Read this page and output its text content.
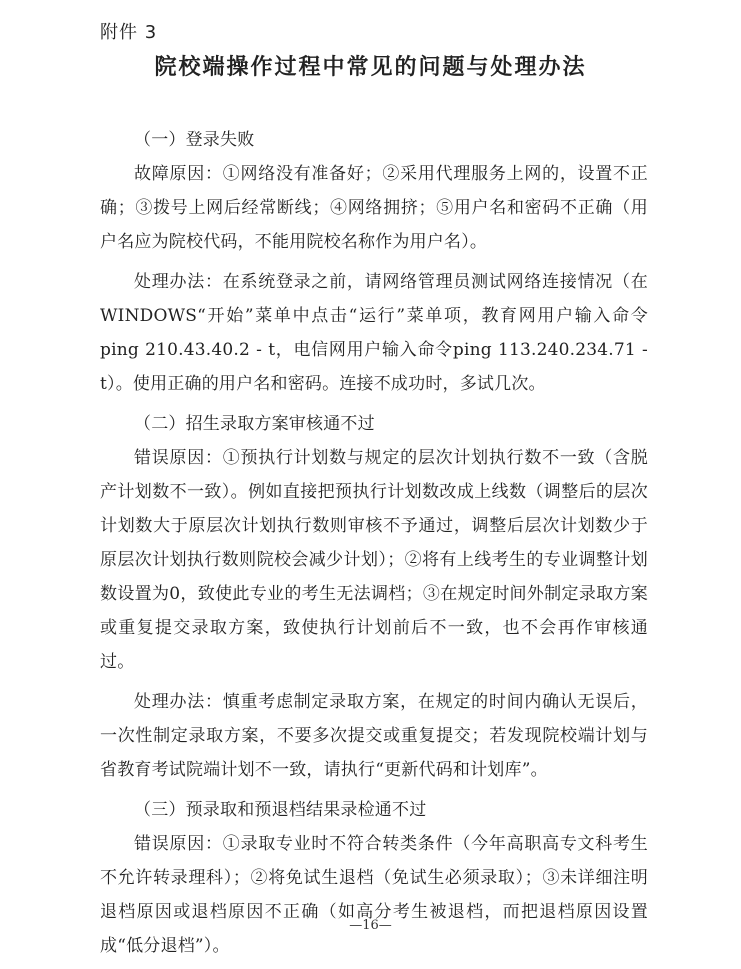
附件 3
院校端操作过程中常见的问题与处理办法

（一）登录失败

故障原因：①网络没有准备好；②采用代理服务上网的，设置不正确；③拨号上网后经常断线；④网络拥挤；⑤用户名和密码不正确（用户名应为院校代码，不能用院校名称作为用户名）。

处理办法：在系统登录之前，请网络管理员测试网络连接情况（在WINDOWS“开始”菜单中点击“运行”菜单项，教育网用户输入命令ping 210.43.40.2 - t，电信网用户输入命令ping 113.240.234.71 - t）。使用正确的用户名和密码。连接不成功时，多试几次。

（二）招生录取方案审核通不过

错误原因：①预执行计划数与规定的层次计划执行数不一致（含脱产计划数不一致）。例如直接把预执行计划数改成上线数（调整后的层次计划数大于原层次计划执行数则审核不予通过，调整后层次计划数少于原层次计划执行数则院校会减少计划）；②将有上线考生的专业调整计划数设置为0，致使此专业的考生无法调档；③在规定时间外制定录取方案或重复提交录取方案，致使执行计划前后不一致，也不会再作审核通过。

处理办法：慎重考虑制定录取方案，在规定的时间内确认无误后，一次性制定录取方案，不要多次提交或重复提交；若发现院校端计划与省教育考试院端计划不一致，请执行“更新代码和计划库”。

（三）预录取和预退档结果录检通不过

错误原因：①录取专业时不符合转类条件（今年高职高专文科考生不允许转录理科）；②将免试生退档（免试生必须录取）；③未详细注明退档原因或退档原因不正确（如高分考生被退档，而把退档原因设置成“低分退档”）。

—16—
